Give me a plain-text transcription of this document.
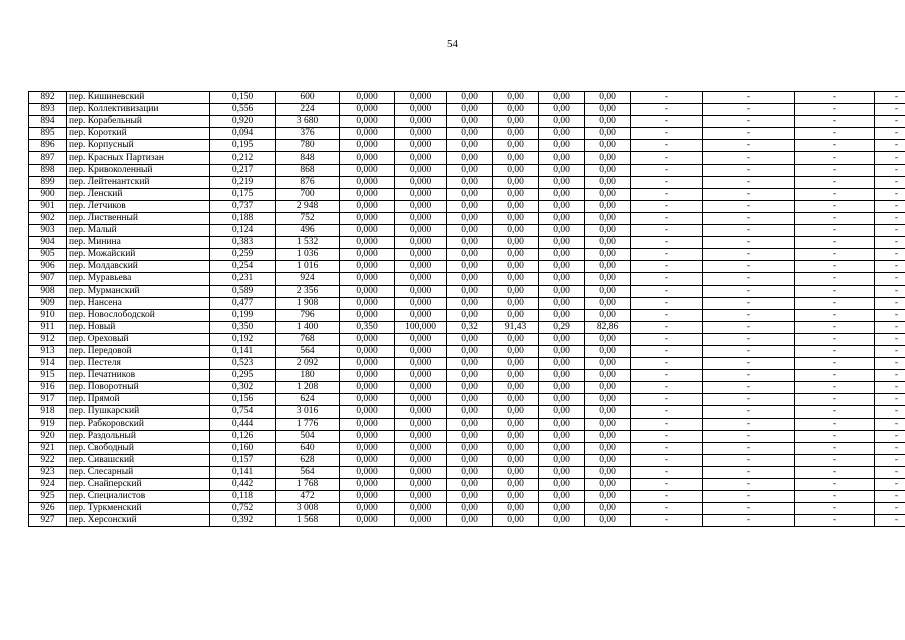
54
892	пер. Кишиневский	0,150	600	0,000	0,000	0,00	0,00	0,00	0,00	-	-	-	-
893	пер. Коллективизации	0,556	224	0,000	0,000	0,00	0,00	0,00	0,00	-	-	-	-
894	пер. Корабельный	0,920	3 680	0,000	0,000	0,00	0,00	0,00	0,00	-	-	-	-
895	пер. Короткий	0,094	376	0,000	0,000	0,00	0,00	0,00	0,00	-	-	-	-
896	пер. Корпусный	0,195	780	0,000	0,000	0,00	0,00	0,00	0,00	-	-	-	-
897	пер. Красных Партизан	0,212	848	0,000	0,000	0,00	0,00	0,00	0,00	-	-	-	-
898	пер. Кривоколенный	0,217	868	0,000	0,000	0,00	0,00	0,00	0,00	-	-	-	-
899	пер. Лейтенантский	0,219	876	0,000	0,000	0,00	0,00	0,00	0,00	-	-	-	-
900	пер. Ленский	0,175	700	0,000	0,000	0,00	0,00	0,00	0,00	-	-	-	-
901	пер. Летчиков	0,737	2 948	0,000	0,000	0,00	0,00	0,00	0,00	-	-	-	-
902	пер. Лиственный	0,188	752	0,000	0,000	0,00	0,00	0,00	0,00	-	-	-	-
903	пер. Малый	0,124	496	0,000	0,000	0,00	0,00	0,00	0,00	-	-	-	-
904	пер. Минина	0,383	1 532	0,000	0,000	0,00	0,00	0,00	0,00	-	-	-	-
905	пер. Можайский	0,259	1 036	0,000	0,000	0,00	0,00	0,00	0,00	-	-	-	-
906	пер. Молдавский	0,254	1 016	0,000	0,000	0,00	0,00	0,00	0,00	-	-	-	-
907	пер. Муравьева	0,231	924	0,000	0,000	0,00	0,00	0,00	0,00	-	-	-	-
908	пер. Мурманский	0,589	2 356	0,000	0,000	0,00	0,00	0,00	0,00	-	-	-	-
909	пер. Нансена	0,477	1 908	0,000	0,000	0,00	0,00	0,00	0,00	-	-	-	-
910	пер. Новослободской	0,199	796	0,000	0,000	0,00	0,00	0,00	0,00	-	-	-	-
911	пер. Новый	0,350	1 400	0,350	100,000	0,32	91,43	0,29	82,86	-	-	-	-
912	пер. Ореховый	0,192	768	0,000	0,000	0,00	0,00	0,00	0,00	-	-	-	-
913	пер. Передовой	0,141	564	0,000	0,000	0,00	0,00	0,00	0,00	-	-	-	-
914	пер. Пестеля	0,523	2 092	0,000	0,000	0,00	0,00	0,00	0,00	-	-	-	-
915	пер. Печатников	0,295	180	0,000	0,000	0,00	0,00	0,00	0,00	-	-	-	-
916	пер. Поворотный	0,302	1 208	0,000	0,000	0,00	0,00	0,00	0,00	-	-	-	-
917	пер. Прямой	0,156	624	0,000	0,000	0,00	0,00	0,00	0,00	-	-	-	-
918	пер. Пушкарский	0,754	3 016	0,000	0,000	0,00	0,00	0,00	0,00	-	-	-	-
919	пер. Рабкоровский	0,444	1 776	0,000	0,000	0,00	0,00	0,00	0,00	-	-	-	-
920	пер. Раздольный	0,126	504	0,000	0,000	0,00	0,00	0,00	0,00	-	-	-	-
921	пер. Свободный	0,160	640	0,000	0,000	0,00	0,00	0,00	0,00	-	-	-	-
922	пер. Сивашский	0,157	628	0,000	0,000	0,00	0,00	0,00	0,00	-	-	-	-
923	пер. Слесарный	0,141	564	0,000	0,000	0,00	0,00	0,00	0,00	-	-	-	-
924	пер. Снайперский	0,442	1 768	0,000	0,000	0,00	0,00	0,00	0,00	-	-	-	-
925	пер. Специалистов	0,118	472	0,000	0,000	0,00	0,00	0,00	0,00	-	-	-	-
926	пер. Туркменский	0,752	3 008	0,000	0,000	0,00	0,00	0,00	0,00	-	-	-	-
927	пер. Херсонский	0,392	1 568	0,000	0,000	0,00	0,00	0,00	0,00	-	-	-	-
